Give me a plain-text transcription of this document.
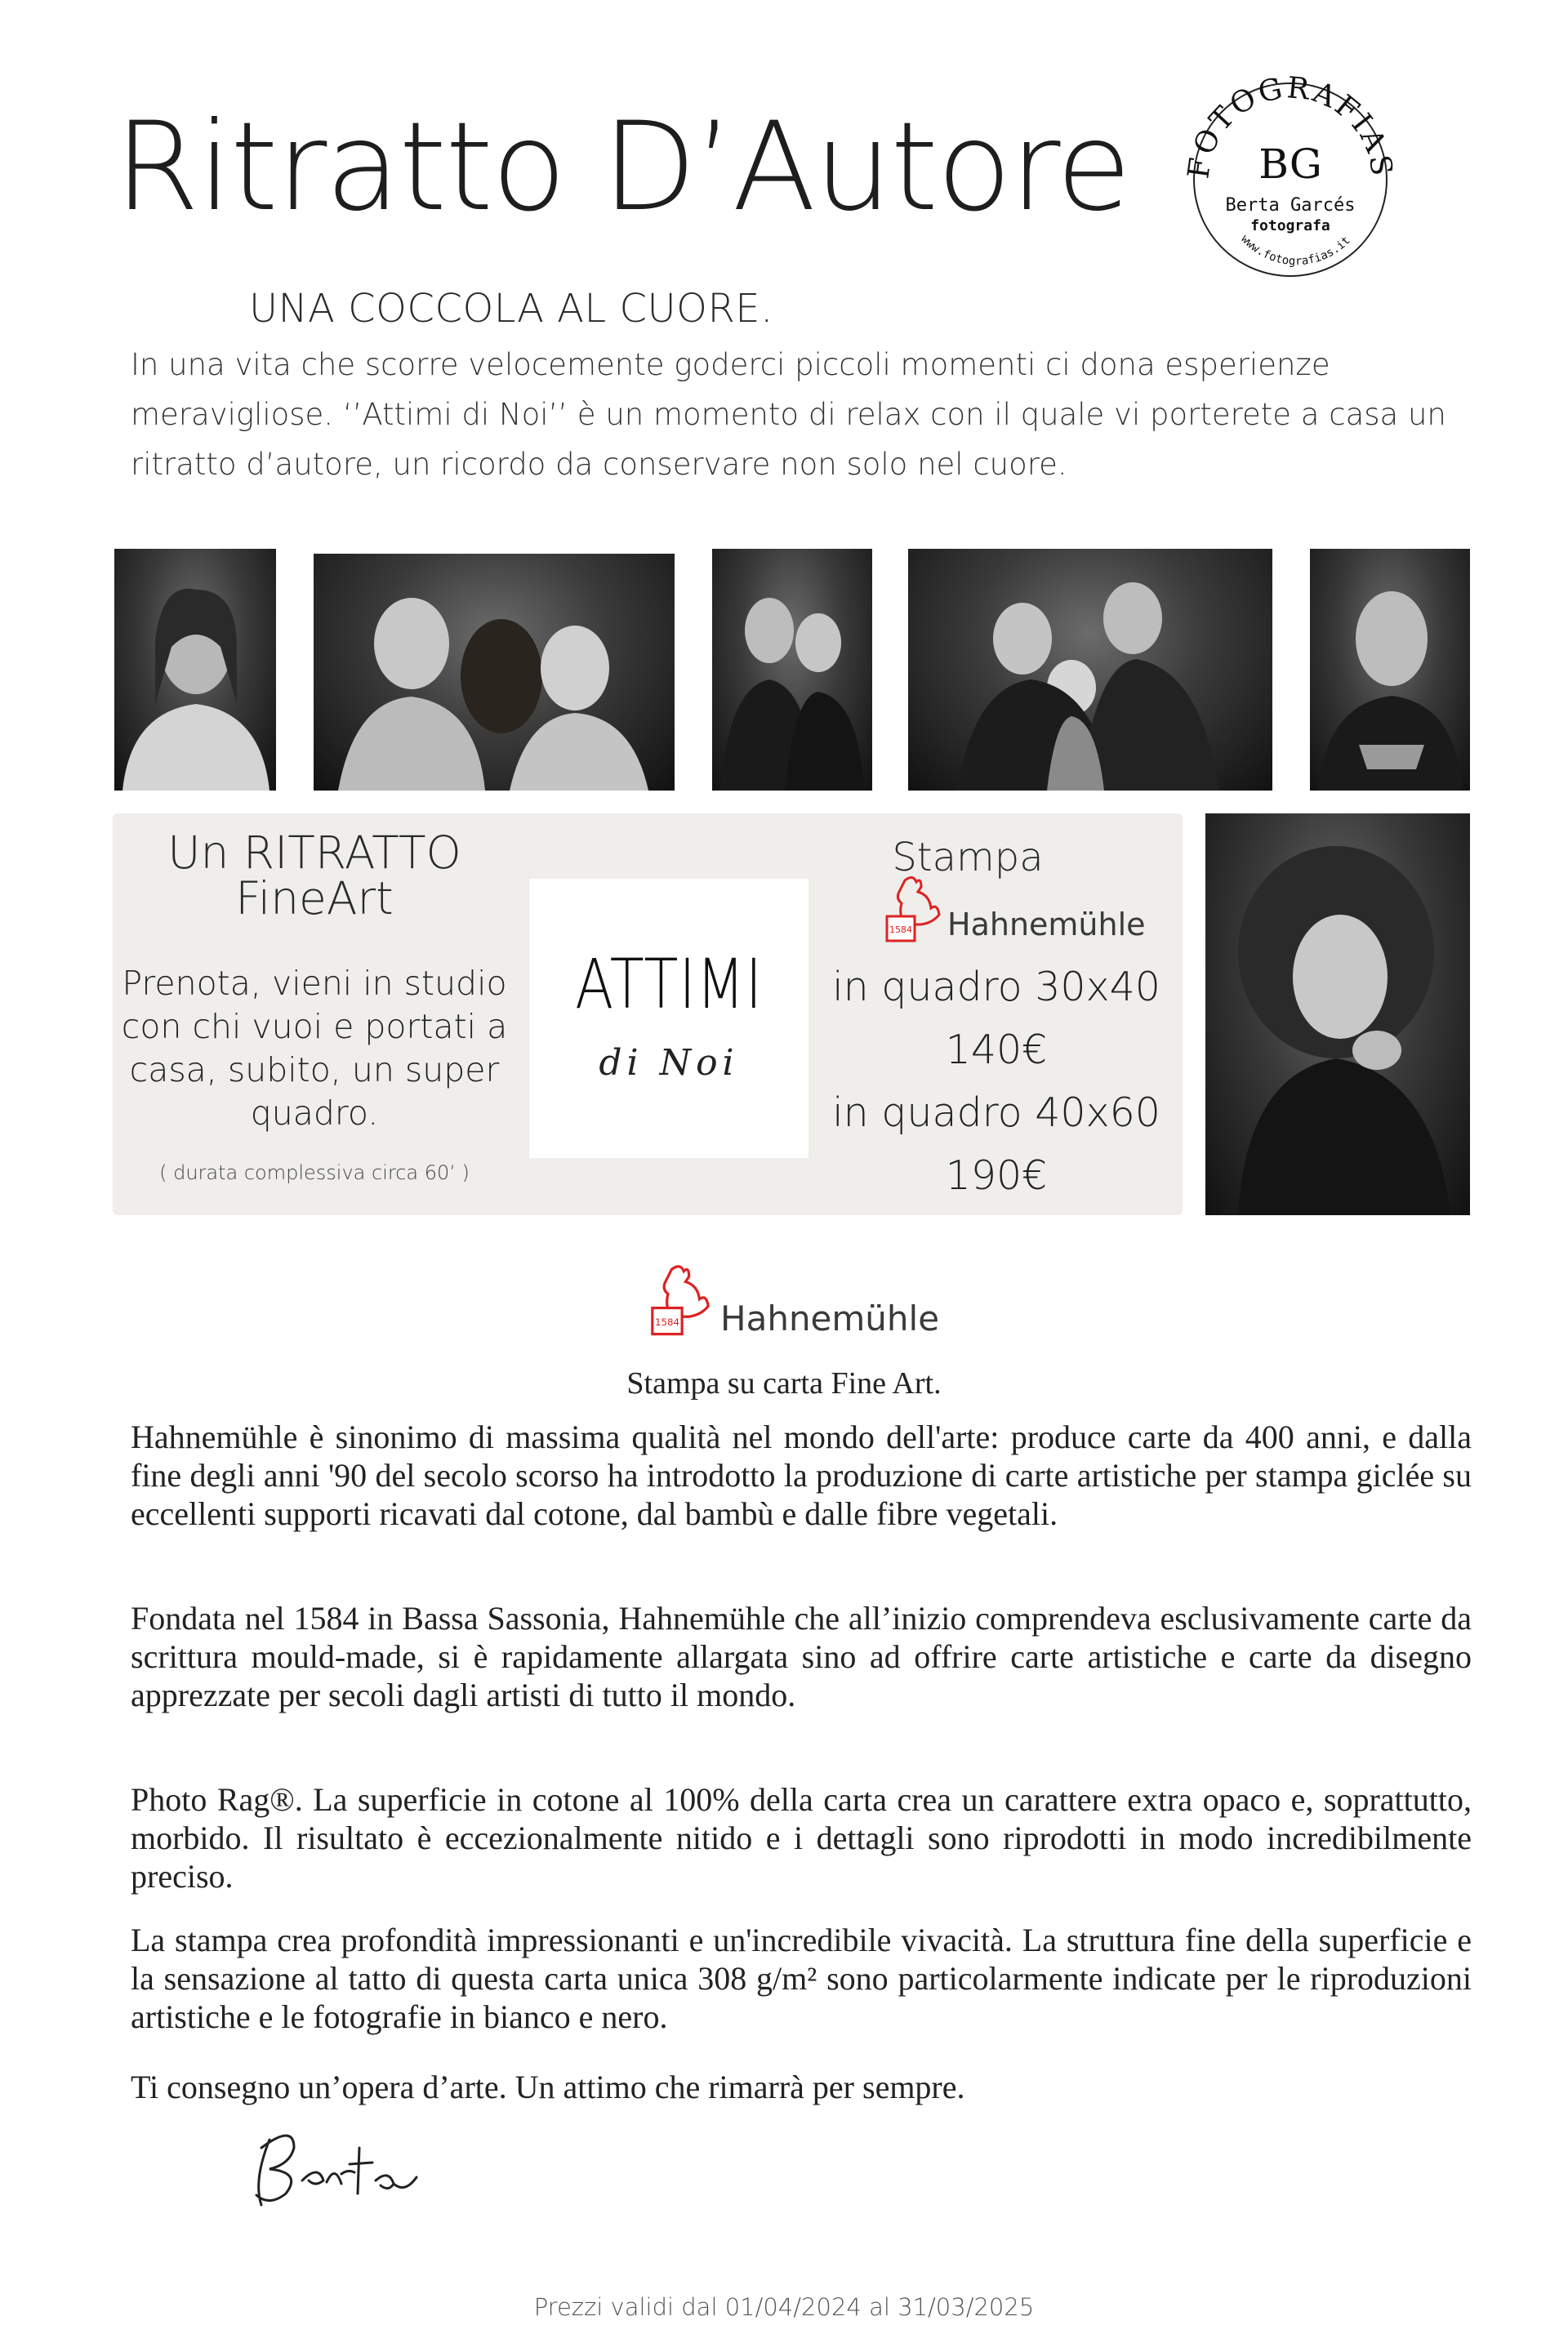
Ritratto D’Autore FOTOGRAFIAS
BG
Berta Garcés
fotografa
www.fotografias.it
UNA COCCOLA AL CUORE.
In una vita che scorre velocemente goderci piccoli momenti ci dona esperienze meravigliose. ‘’Attimi di Noi’’ è un momento di relax con il quale vi porterete a casa un ritratto d’autore, un ricordo da conservare non solo nel cuore.
Un RITRATTO
FineArt
Prenota, vieni in studio con chi vuoi e portati a casa, subito, un super quadro.
( durata complessiva circa 60’ )
ATTIMI
di Noi
Stampa
1584 Hahnemühle
in quadro 30x40
140€
in quadro 40x60
190€
1584 Hahnemühle
Stampa su carta Fine Art.

Hahnemühle è sinonimo di massima qualità nel mondo dell'arte: produce carte da 400 anni, e dalla fine degli anni '90 del secolo scorso ha introdotto la produzione di carte artistiche per stampa giclée su eccellenti supporti ricavati dal cotone, dal bambù e dalle fibre vegetali.

Fondata nel 1584 in Bassa Sassonia, Hahnemühle che all’inizio comprendeva esclusivamente carte da scrittura mould-made, si è rapidamente allargata sino ad offrire carte artistiche e carte da disegno apprezzate per secoli dagli artisti di tutto il mondo.

Photo Rag®. La superficie in cotone al 100% della carta crea un carattere extra opaco e, soprattutto, morbido. Il risultato è eccezionalmente nitido e i dettagli sono riprodotti in modo incredibilmente preciso.

La stampa crea profondità impressionanti e un'incredibile vivacità. La struttura fine della superficie e la sensazione al tatto di questa carta unica 308 g/m² sono particolarmente indicate per le riproduzioni artistiche e le fotografie in bianco e nero.

Ti consegno un’opera d’arte. Un attimo che rimarrà per sempre.
Prezzi validi dal 01/04/2024 al 31/03/2025
